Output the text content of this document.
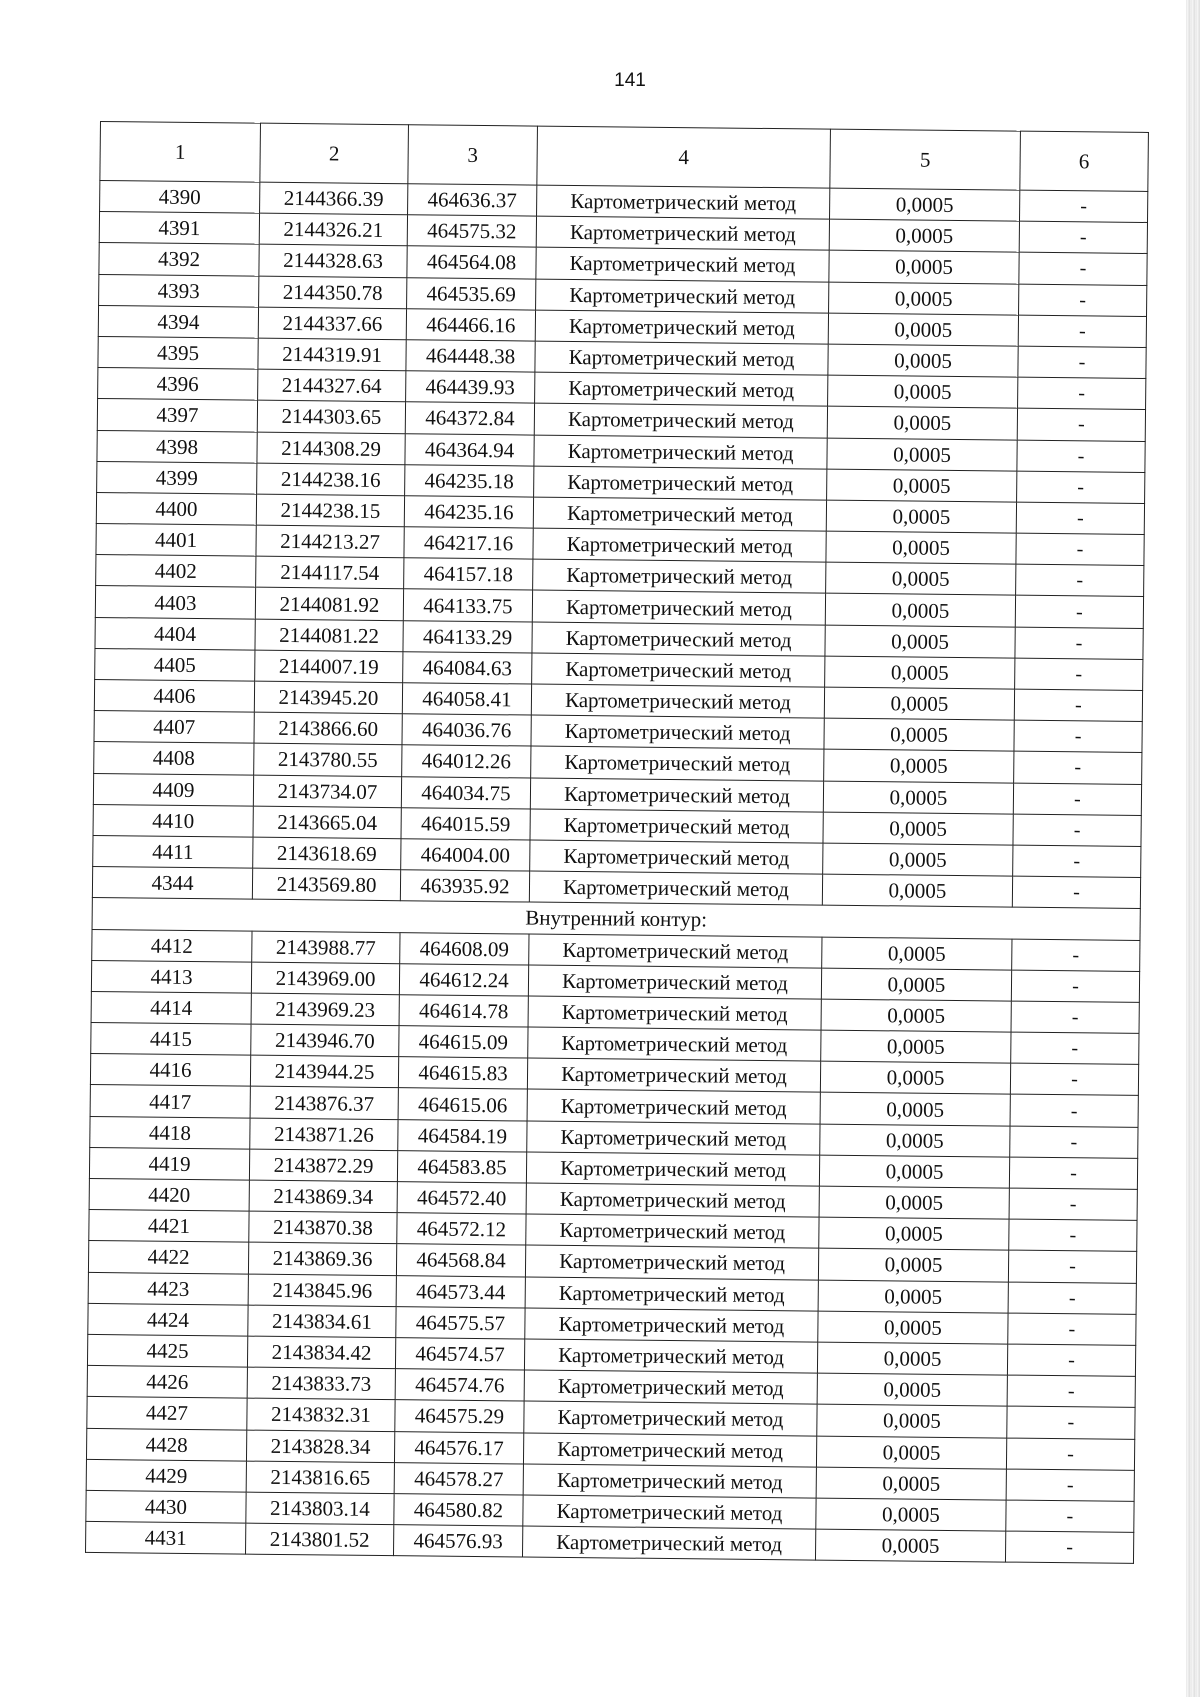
141
1	2	3	4	5	6
4390	2144366.39	464636.37	Картометрический метод	0,0005	-
4391	2144326.21	464575.32	Картометрический метод	0,0005	-
4392	2144328.63	464564.08	Картометрический метод	0,0005	-
4393	2144350.78	464535.69	Картометрический метод	0,0005	-
4394	2144337.66	464466.16	Картометрический метод	0,0005	-
4395	2144319.91	464448.38	Картометрический метод	0,0005	-
4396	2144327.64	464439.93	Картометрический метод	0,0005	-
4397	2144303.65	464372.84	Картометрический метод	0,0005	-
4398	2144308.29	464364.94	Картометрический метод	0,0005	-
4399	2144238.16	464235.18	Картометрический метод	0,0005	-
4400	2144238.15	464235.16	Картометрический метод	0,0005	-
4401	2144213.27	464217.16	Картометрический метод	0,0005	-
4402	2144117.54	464157.18	Картометрический метод	0,0005	-
4403	2144081.92	464133.75	Картометрический метод	0,0005	-
4404	2144081.22	464133.29	Картометрический метод	0,0005	-
4405	2144007.19	464084.63	Картометрический метод	0,0005	-
4406	2143945.20	464058.41	Картометрический метод	0,0005	-
4407	2143866.60	464036.76	Картометрический метод	0,0005	-
4408	2143780.55	464012.26	Картометрический метод	0,0005	-
4409	2143734.07	464034.75	Картометрический метод	0,0005	-
4410	2143665.04	464015.59	Картометрический метод	0,0005	-
4411	2143618.69	464004.00	Картометрический метод	0,0005	-
4344	2143569.80	463935.92	Картометрический метод	0,0005	-
Внутренний контур:					
4412	2143988.77	464608.09	Картометрический метод	0,0005	-
4413	2143969.00	464612.24	Картометрический метод	0,0005	-
4414	2143969.23	464614.78	Картометрический метод	0,0005	-
4415	2143946.70	464615.09	Картометрический метод	0,0005	-
4416	2143944.25	464615.83	Картометрический метод	0,0005	-
4417	2143876.37	464615.06	Картометрический метод	0,0005	-
4418	2143871.26	464584.19	Картометрический метод	0,0005	-
4419	2143872.29	464583.85	Картометрический метод	0,0005	-
4420	2143869.34	464572.40	Картометрический метод	0,0005	-
4421	2143870.38	464572.12	Картометрический метод	0,0005	-
4422	2143869.36	464568.84	Картометрический метод	0,0005	-
4423	2143845.96	464573.44	Картометрический метод	0,0005	-
4424	2143834.61	464575.57	Картометрический метод	0,0005	-
4425	2143834.42	464574.57	Картометрический метод	0,0005	-
4426	2143833.73	464574.76	Картометрический метод	0,0005	-
4427	2143832.31	464575.29	Картометрический метод	0,0005	-
4428	2143828.34	464576.17	Картометрический метод	0,0005	-
4429	2143816.65	464578.27	Картометрический метод	0,0005	-
4430	2143803.14	464580.82	Картометрический метод	0,0005	-
4431	2143801.52	464576.93	Картометрический метод	0,0005	-
